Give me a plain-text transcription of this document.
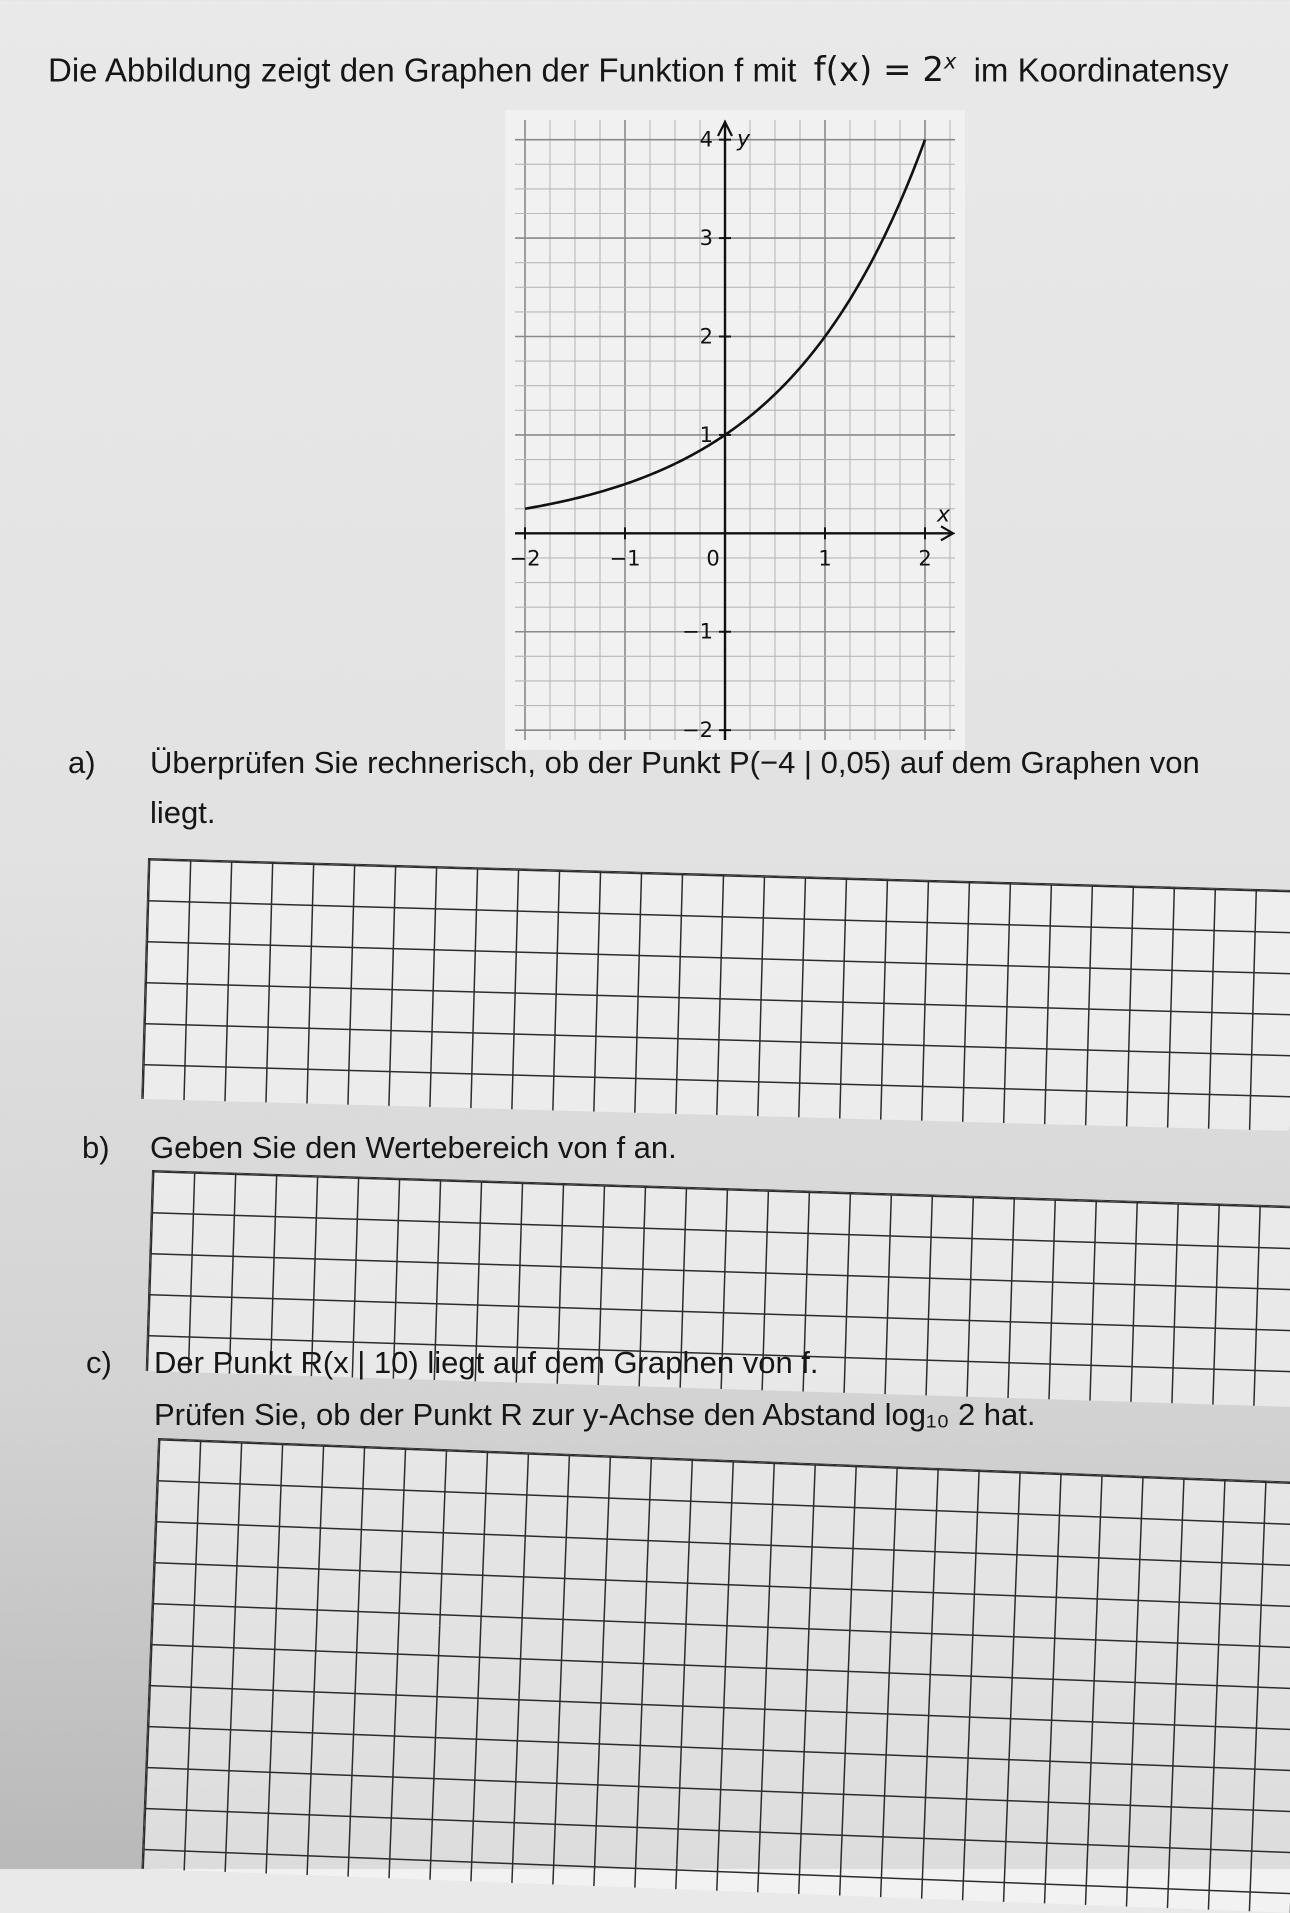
Die Abbildung zeigt den Graphen der Funktion f mit $f(x) = 2^x$ im Koordinatensy
−2	−1	0	1	2
1
2
3
4
−1
−2
x
y
a) Überprüfen Sie rechnerisch, ob der Punkt P(−4 | 0,05) auf dem Graphen von
liegt.
b) Geben Sie den Wertebereich von f an.
c) Der Punkt R(x | 10) liegt auf dem Graphen von f.
Prüfen Sie, ob der Punkt R zur y-Achse den Abstand log₁₀ 2 hat.
